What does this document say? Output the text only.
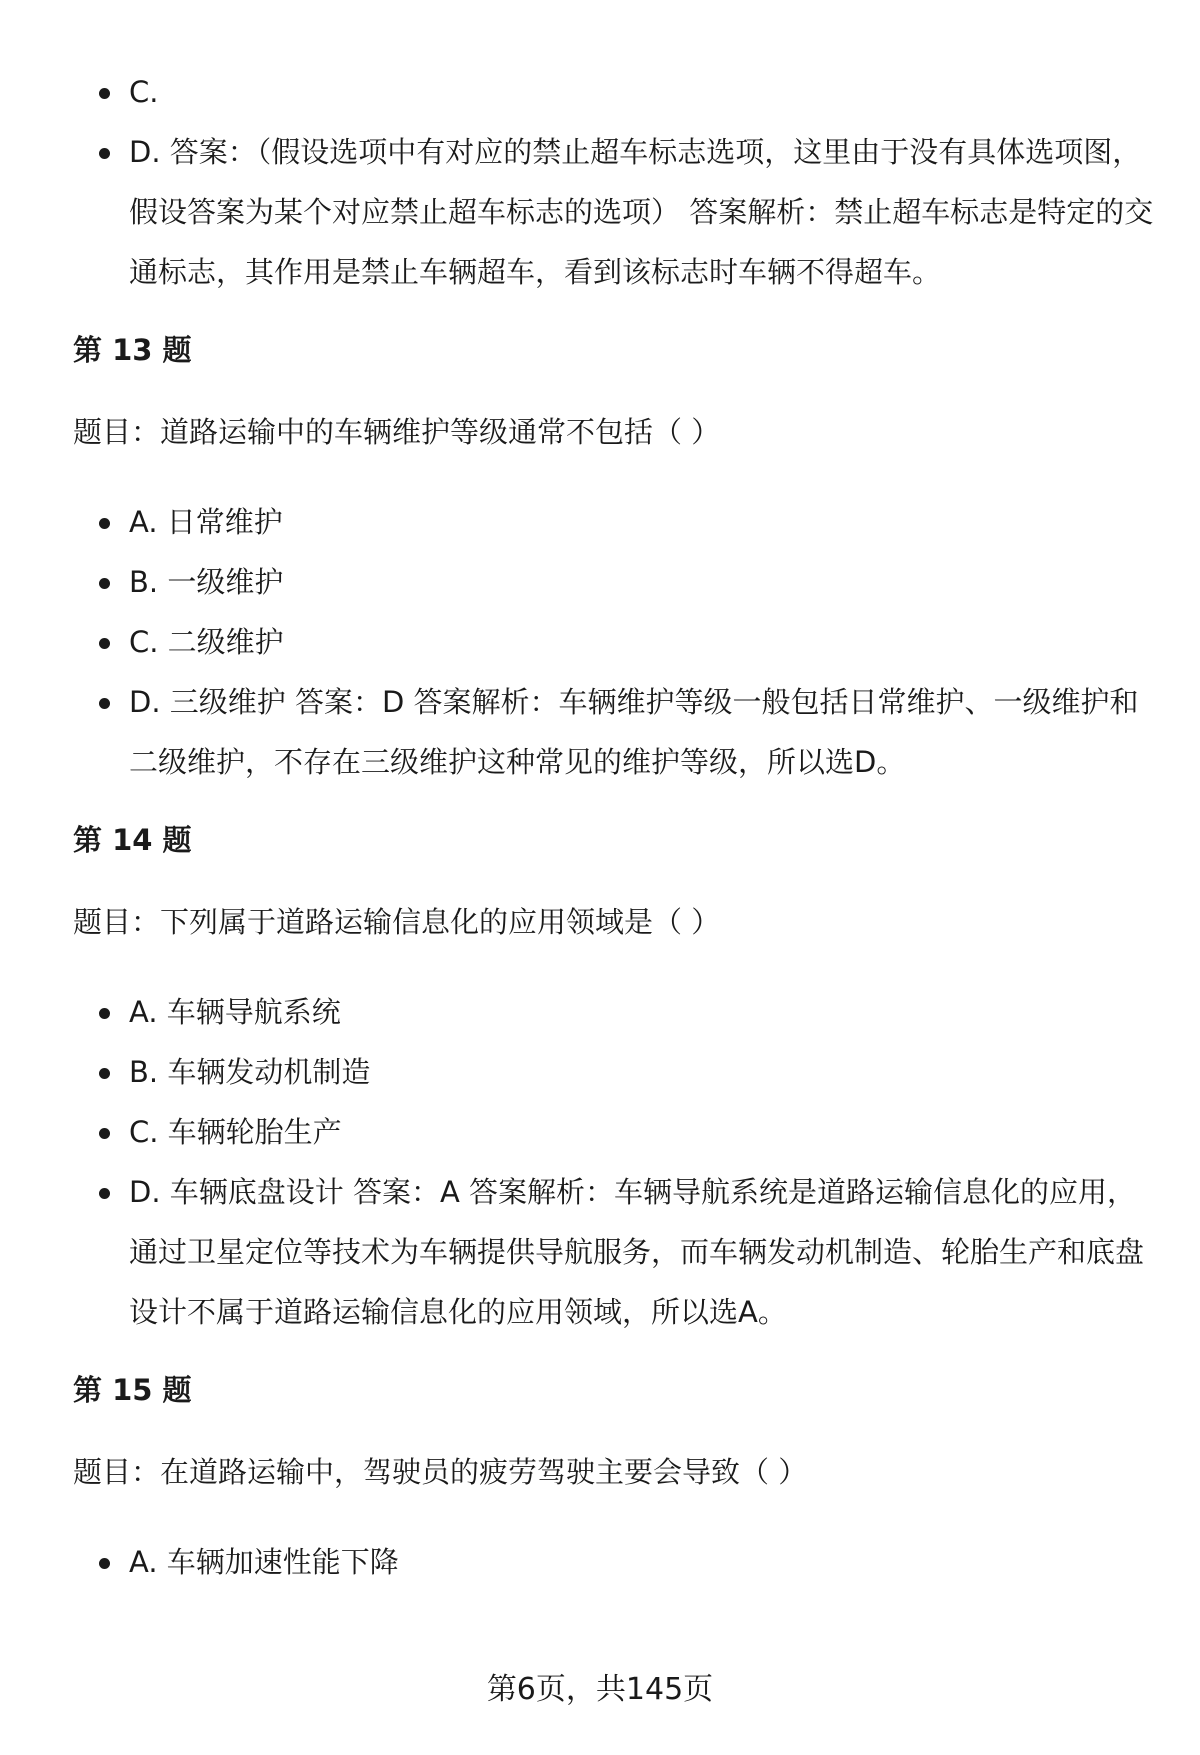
C.
D. 答案：（假设选项中有对应的禁止超车标志选项，这里由于没有具体选项图，假设答案为某个对应禁止超车标志的选项） 答案解析：禁止超车标志是特定的交通标志，其作用是禁止车辆超车，看到该标志时车辆不得超车。
第 13 题
题目：道路运输中的车辆维护等级通常不包括（ ）
A. 日常维护
B. 一级维护
C. 二级维护
D. 三级维护 答案：D 答案解析：车辆维护等级一般包括日常维护、一级维护和二级维护，不存在三级维护这种常见的维护等级，所以选D。
第 14 题
题目：下列属于道路运输信息化的应用领域是（ ）
A. 车辆导航系统
B. 车辆发动机制造
C. 车辆轮胎生产
D. 车辆底盘设计 答案：A 答案解析：车辆导航系统是道路运输信息化的应用，通过卫星定位等技术为车辆提供导航服务，而车辆发动机制造、轮胎生产和底盘设计不属于道路运输信息化的应用领域，所以选A。
第 15 题
题目：在道路运输中，驾驶员的疲劳驾驶主要会导致（ ）
A. 车辆加速性能下降
第6页，共145页
